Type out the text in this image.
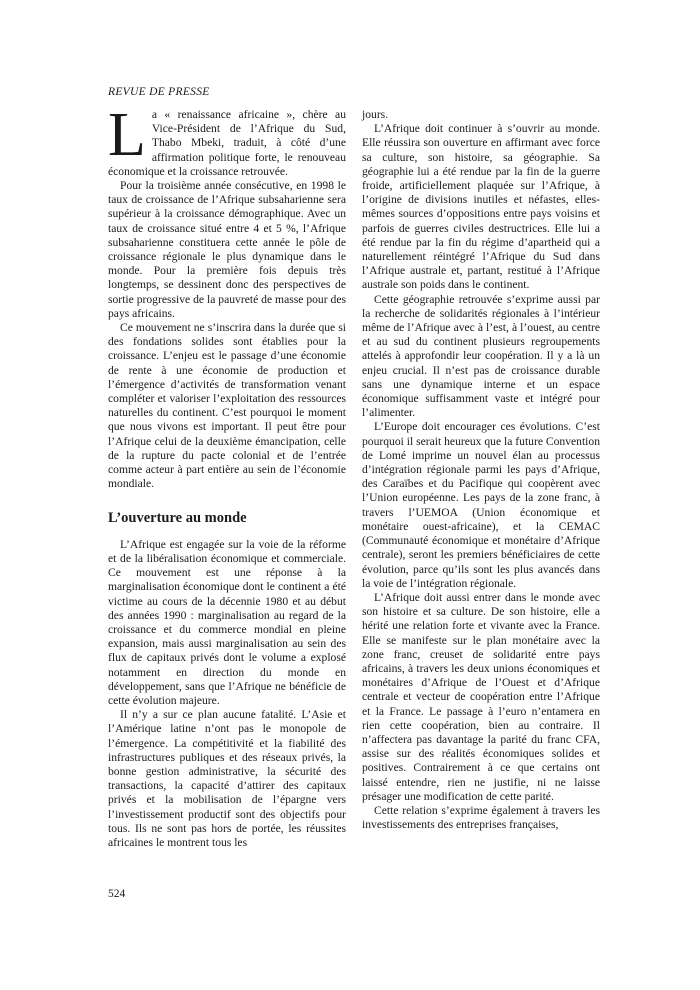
REVUE DE PRESSE

La « renaissance africaine », chère au Vice-Président de l’Afrique du Sud, Thabo Mbeki, traduit, à côté d’une affirmation politique forte, le renouveau économique et la croissance retrouvée.

Pour la troisième année consécutive, en 1998 le taux de croissance de l’Afrique subsaharienne sera supérieur à la croissance démographique. Avec un taux de croissance situé entre 4 et 5 %, l’Afrique subsaharienne constituera cette année le pôle de croissance régionale le plus dynamique dans le monde. Pour la première fois depuis très longtemps, se dessinent donc des perspectives de sortie progressive de la pauvreté de masse pour des pays africains.

Ce mouvement ne s’inscrira dans la durée que si des fondations solides sont établies pour la croissance. L’enjeu est le passage d’une économie de rente à une économie de production et l’émergence d’activités de transformation venant compléter et valoriser l’exploitation des ressources naturelles du continent. C’est pourquoi le moment que nous vivons est important. Il peut être pour l’Afrique celui de la deuxième émancipation, celle de la rupture du pacte colonial et de l’entrée comme acteur à part entière au sein de l’économie mondiale.

L’ouverture au monde

L’Afrique est engagée sur la voie de la réforme et de la libéralisation économique et commerciale. Ce mouvement est une réponse à la marginalisation économique dont le continent a été victime au cours de la décennie 1980 et au début des années 1990 : marginalisation au regard de la croissance et du commerce mondial en pleine expansion, mais aussi marginalisation au sein des flux de capitaux privés dont le volume a explosé notamment en direction du monde en développement, sans que l’Afrique ne bénéficie de cette évolution majeure.

Il n’y a sur ce plan aucune fatalité. L’Asie et l’Amérique latine n’ont pas le monopole de l’émergence. La compétitivité et la fiabilité des infrastructures publiques et des réseaux privés, la bonne gestion administrative, la sécurité des transactions, la capacité d’attirer des capitaux privés et la mobilisation de l’épargne vers l’investissement productif sont des objectifs pour tous. Ils ne sont pas hors de portée, les réussites africaines le montrent tous les

jours.

L’Afrique doit continuer à s’ouvrir au monde. Elle réussira son ouverture en affirmant avec force sa culture, son histoire, sa géographie. Sa géographie lui a été rendue par la fin de la guerre froide, artificiellement plaquée sur l’Afrique, à l’origine de divisions inutiles et néfastes, elles-mêmes sources d’oppositions entre pays voisins et parfois de guerres civiles destructrices. Elle lui a été rendue par la fin du régime d’apartheid qui a naturellement réintégré l’Afrique du Sud dans l’Afrique australe et, partant, restitué à l’Afrique australe son poids dans le continent.

Cette géographie retrouvée s’exprime aussi par la recherche de solidarités régionales à l’intérieur même de l’Afrique avec à l’est, à l’ouest, au centre et au sud du continent plusieurs regroupements attelés à approfondir leur coopération. Il y a là un enjeu crucial. Il n’est pas de croissance durable sans une dynamique interne et un espace économique suffisamment vaste et intégré pour l’alimenter.

L’Europe doit encourager ces évolutions. C’est pourquoi il serait heureux que la future Convention de Lomé imprime un nouvel élan au processus d’intégration régionale parmi les pays d’Afrique, des Caraïbes et du Pacifique qui coopèrent avec l’Union européenne. Les pays de la zone franc, à travers l’UEMOA (Union économique et monétaire ouest-africaine), et la CEMAC (Communauté économique et monétaire d’Afrique centrale), seront les premiers bénéficiaires de cette évolution, parce qu’ils sont les plus avancés dans la voie de l’intégration régionale.

L’Afrique doit aussi entrer dans le monde avec son histoire et sa culture. De son histoire, elle a hérité une relation forte et vivante avec la France. Elle se manifeste sur le plan monétaire avec la zone franc, creuset de solidarité entre pays africains, à travers les deux unions économiques et monétaires d’Afrique de l’Ouest et d’Afrique centrale et vecteur de coopération entre l’Afrique et la France. Le passage à l’euro n’entamera en rien cette coopération, bien au contraire. Il n’affectera pas davantage la parité du franc CFA, assise sur des réalités économiques solides et positives. Contrairement à ce que certains ont laissé entendre, rien ne justifie, ni ne laisse présager une modification de cette parité.

Cette relation s’exprime également à travers les investissements des entreprises françaises,

524
